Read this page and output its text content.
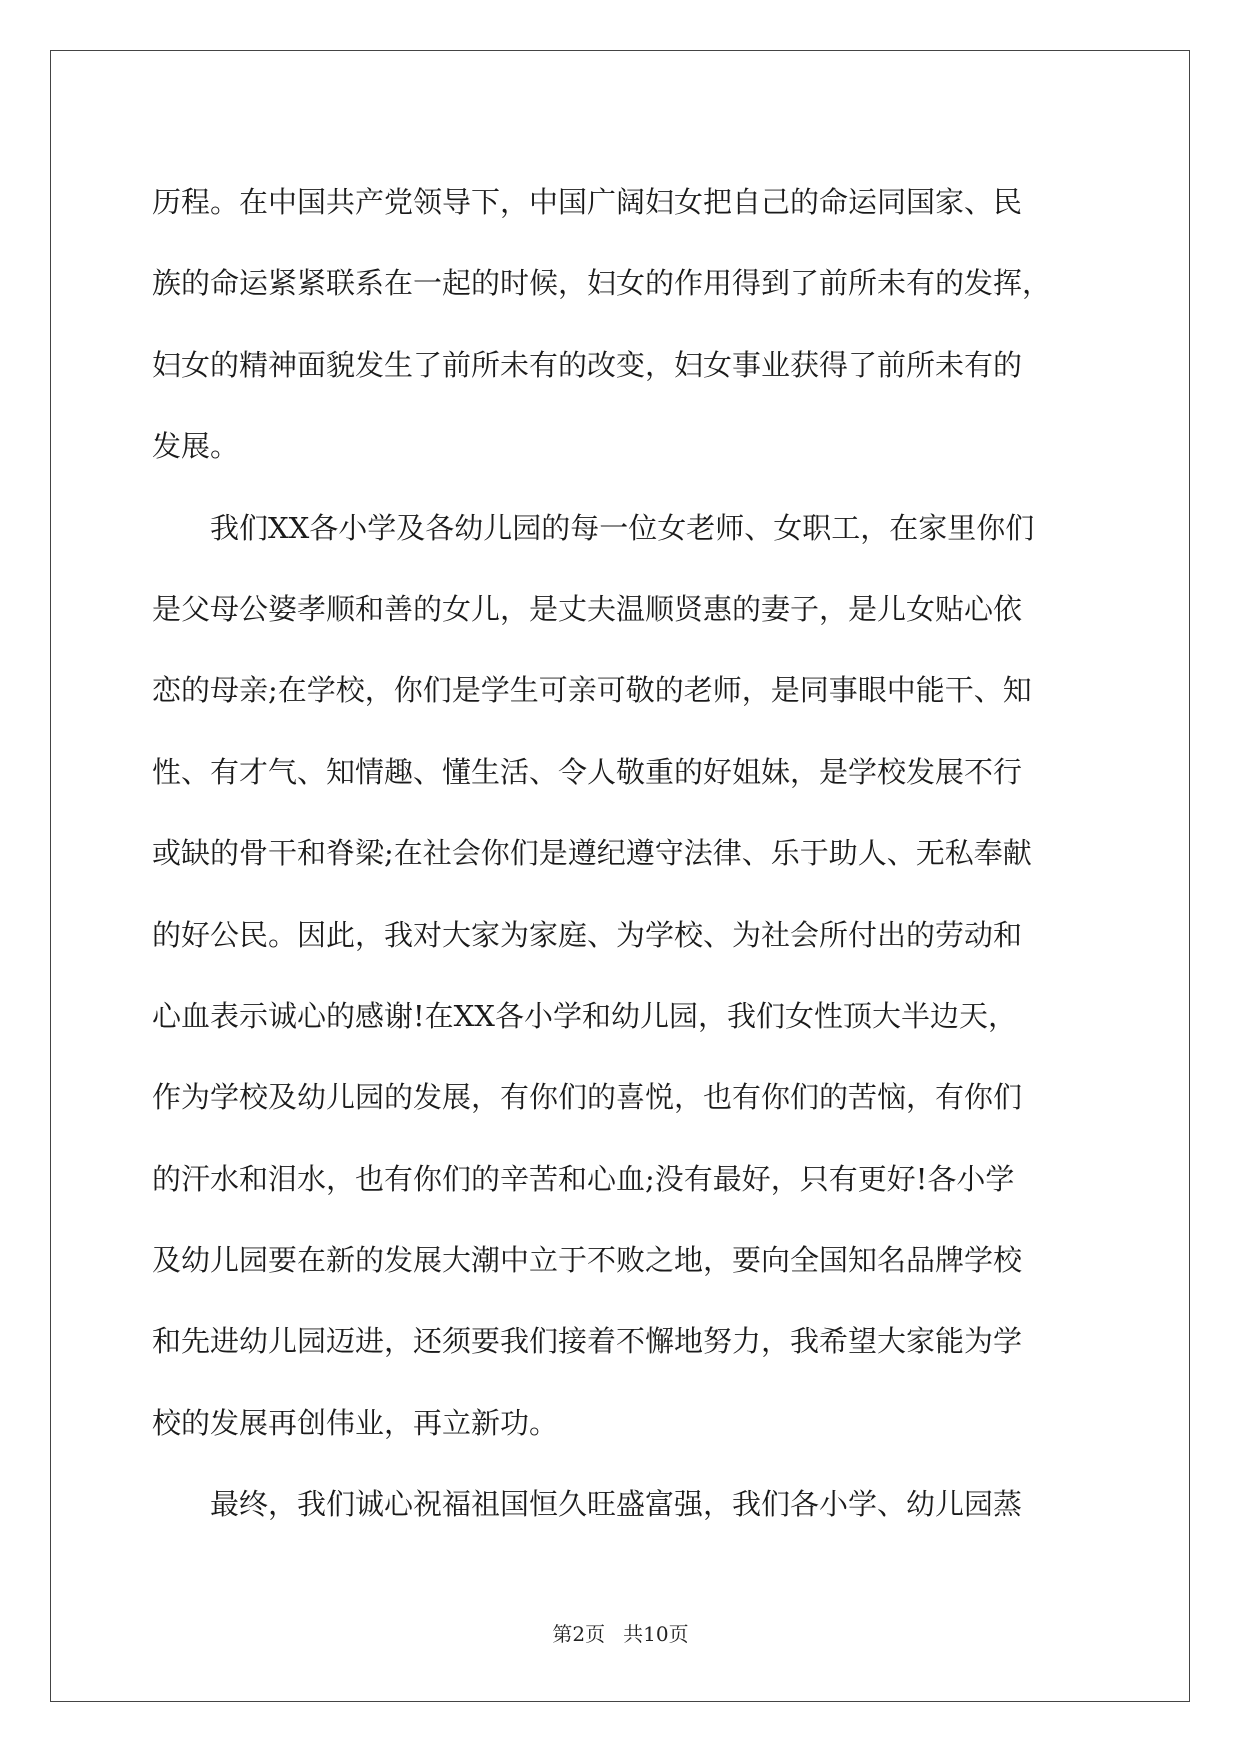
历程。在中国共产党领导下，中国广阔妇女把自己的命运同国家、民
族的命运紧紧联系在一起的时候，妇女的作用得到了前所未有的发挥，
妇女的精神面貌发生了前所未有的改变，妇女事业获得了前所未有的
发展。
　　我们XX各小学及各幼儿园的每一位女老师、女职工，在家里你们
是父母公婆孝顺和善的女儿，是丈夫温顺贤惠的妻子，是儿女贴心依
恋的母亲;在学校，你们是学生可亲可敬的老师，是同事眼中能干、知
性、有才气、知情趣、懂生活、令人敬重的好姐妹，是学校发展不行
或缺的骨干和脊梁;在社会你们是遵纪遵守法律、乐于助人、无私奉献
的好公民。因此，我对大家为家庭、为学校、为社会所付出的劳动和
心血表示诚心的感谢!在XX各小学和幼儿园，我们女性顶大半边天，
作为学校及幼儿园的发展，有你们的喜悦，也有你们的苦恼，有你们
的汗水和泪水，也有你们的辛苦和心血;没有最好，只有更好!各小学
及幼儿园要在新的发展大潮中立于不败之地，要向全国知名品牌学校
和先进幼儿园迈进，还须要我们接着不懈地努力，我希望大家能为学
校的发展再创伟业，再立新功。
　　最终，我们诚心祝福祖国恒久旺盛富强，我们各小学、幼儿园蒸
第2页 共10页
